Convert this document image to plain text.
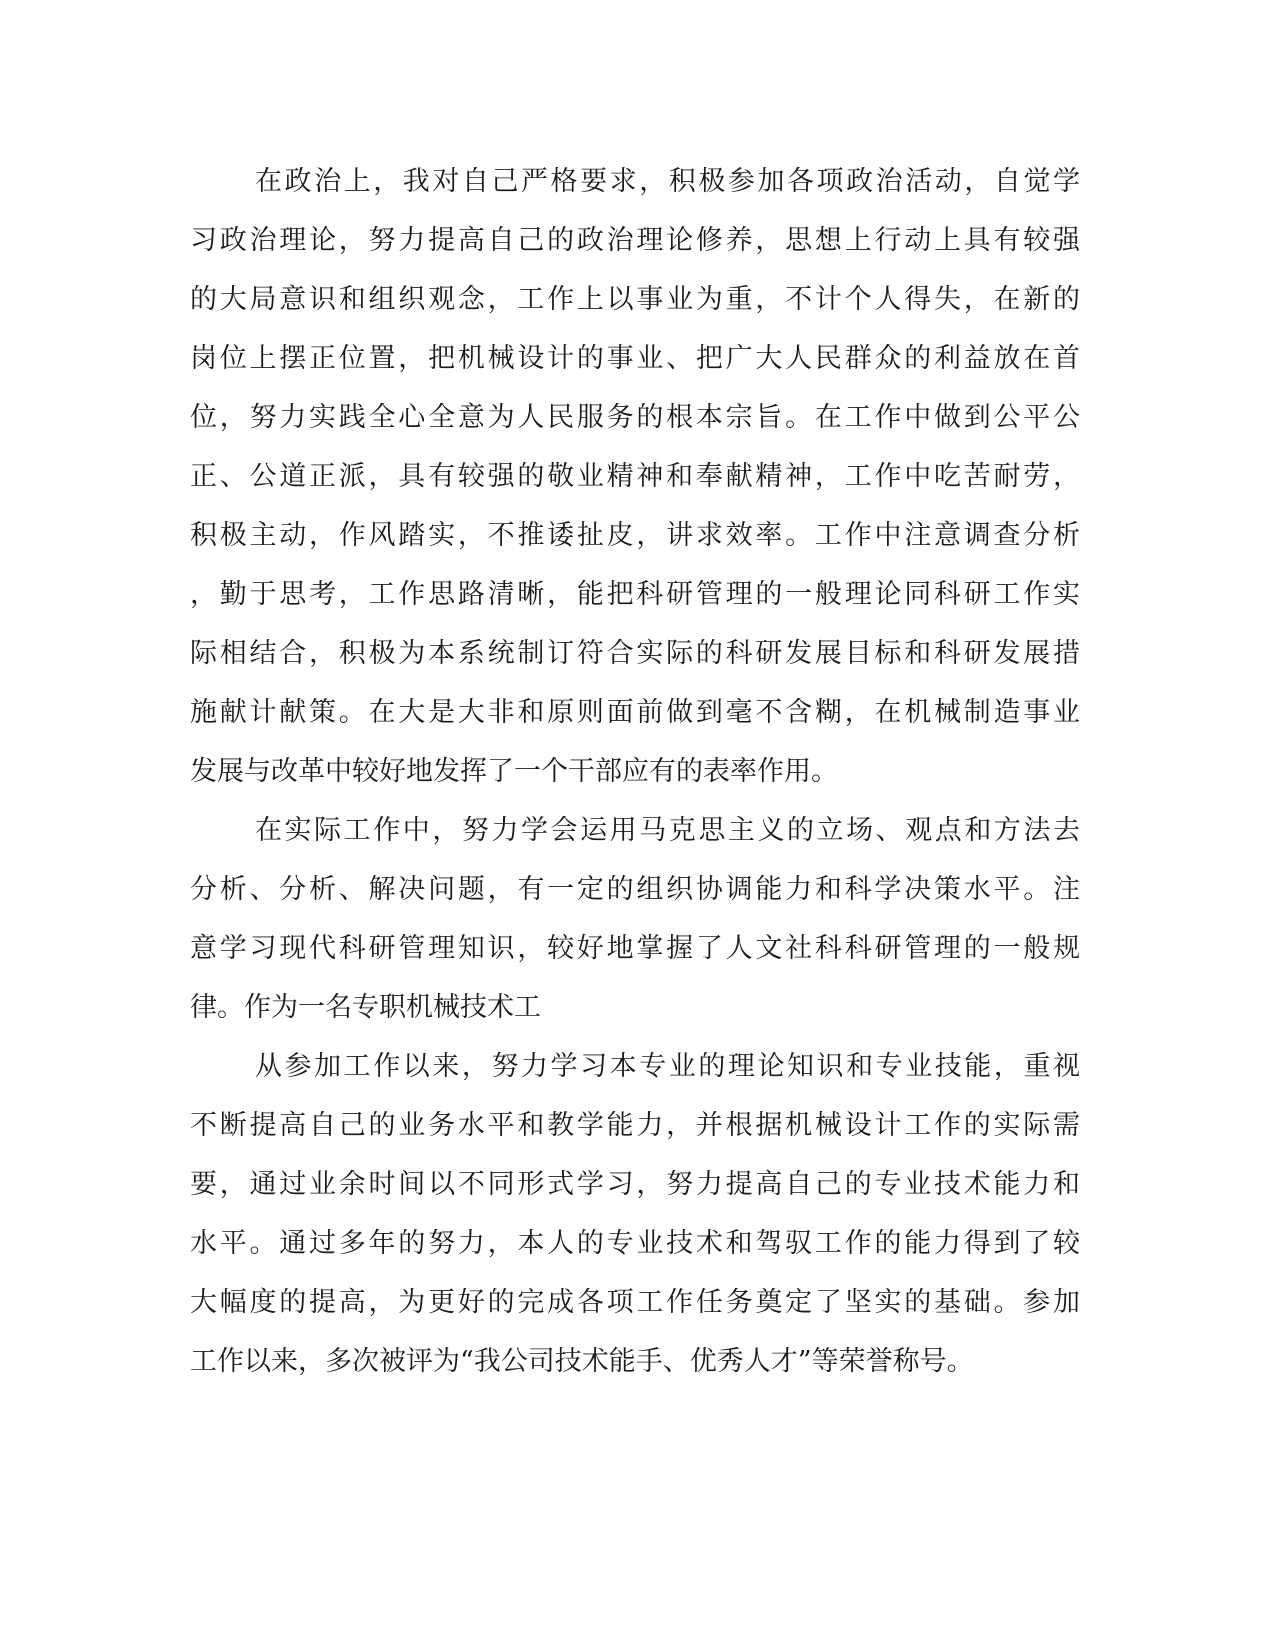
在政治上，我对自己严格要求，积极参加各项政治活动，自觉学

习政治理论，努力提高自己的政治理论修养，思想上行动上具有较强

的大局意识和组织观念，工作上以事业为重，不计个人得失，在新的

岗位上摆正位置，把机械设计的事业、把广大人民群众的利益放在首

位，努力实践全心全意为人民服务的根本宗旨。在工作中做到公平公

正、公道正派，具有较强的敬业精神和奉献精神，工作中吃苦耐劳，

积极主动，作风踏实，不推诿扯皮，讲求效率。工作中注意调查分析

，勤于思考，工作思路清晰，能把科研管理的一般理论同科研工作实

际相结合，积极为本系统制订符合实际的科研发展目标和科研发展措

施献计献策。在大是大非和原则面前做到毫不含糊，在机械制造事业

发展与改革中较好地发挥了一个干部应有的表率作用。

在实际工作中，努力学会运用马克思主义的立场、观点和方法去

分析、分析、解决问题，有一定的组织协调能力和科学决策水平。注

意学习现代科研管理知识，较好地掌握了人文社科科研管理的一般规

律。作为一名专职机械技术工

从参加工作以来，努力学习本专业的理论知识和专业技能，重视

不断提高自己的业务水平和教学能力，并根据机械设计工作的实际需

要，通过业余时间以不同形式学习，努力提高自己的专业技术能力和

水平。通过多年的努力，本人的专业技术和驾驭工作的能力得到了较

大幅度的提高，为更好的完成各项工作任务奠定了坚实的基础。参加

工作以来，多次被评为“我公司技术能手、优秀人才”等荣誉称号。
